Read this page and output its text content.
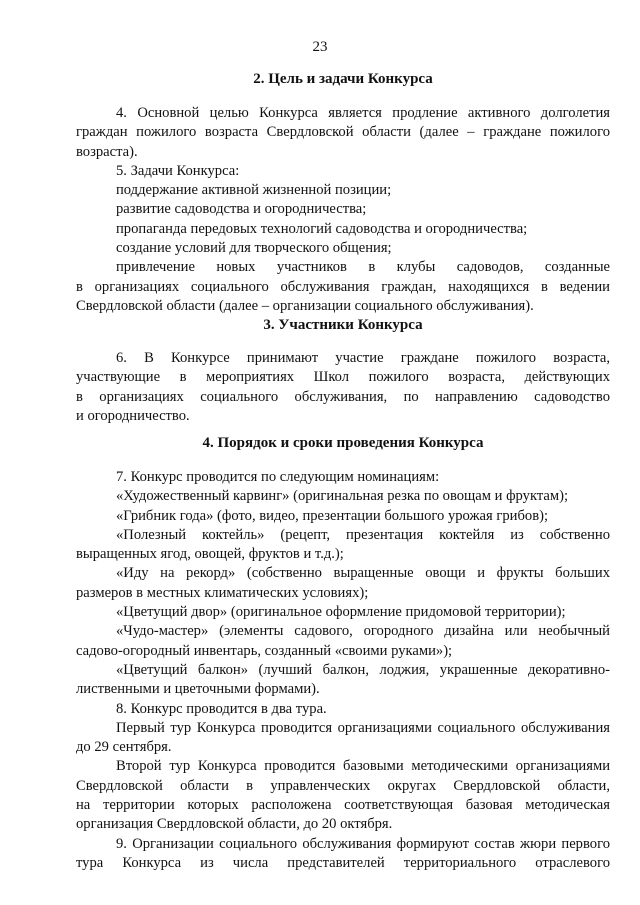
23
2. Цель и задачи Конкурса
4. Основной целью Конкурса является продление активного долголетия
граждан пожилого возраста Свердловской области (далее – граждане пожилого
возраста).
5. Задачи Конкурса:
поддержание активной жизненной позиции;
развитие садоводства и огородничества;
пропаганда передовых технологий садоводства и огородничества;
создание условий для творческого общения;
привлечение новых участников в клубы садоводов, созданные
в организациях социального обслуживания граждан, находящихся в ведении
Свердловской области (далее – организации социального обслуживания).
3. Участники Конкурса
6. В Конкурсе принимают участие граждане пожилого возраста,
участвующие в мероприятиях Школ пожилого возраста, действующих
в организациях социального обслуживания, по направлению садоводство
и огородничество.
4. Порядок и сроки проведения Конкурса
7. Конкурс проводится по следующим номинациям:
«Художественный карвинг» (оригинальная резка по овощам и фруктам);
«Грибник года» (фото, видео, презентации большого урожая грибов);
«Полезный коктейль» (рецепт, презентация коктейля из собственно
выращенных ягод, овощей, фруктов и т.д.);
«Иду на рекорд» (собственно выращенные овощи и фрукты больших
размеров в местных климатических условиях);
«Цветущий двор» (оригинальное оформление придомовой территории);
«Чудо-мастер» (элементы садового, огородного дизайна или необычный
садово-огородный инвентарь, созданный «своими руками»);
«Цветущий балкон» (лучший балкон, лоджия, украшенные декоративно-
лиственными и цветочными формами).
8. Конкурс проводится в два тура.
Первый тур Конкурса проводится организациями социального обслуживания
до 29 сентября.
Второй тур Конкурса проводится базовыми методическими организациями
Свердловской области в управленческих округах Свердловской области,
на территории которых расположена соответствующая базовая методическая
организация Свердловской области, до 20 октября.
9. Организации социального обслуживания формируют состав жюри первого
тура Конкурса из числа представителей территориального отраслевого
